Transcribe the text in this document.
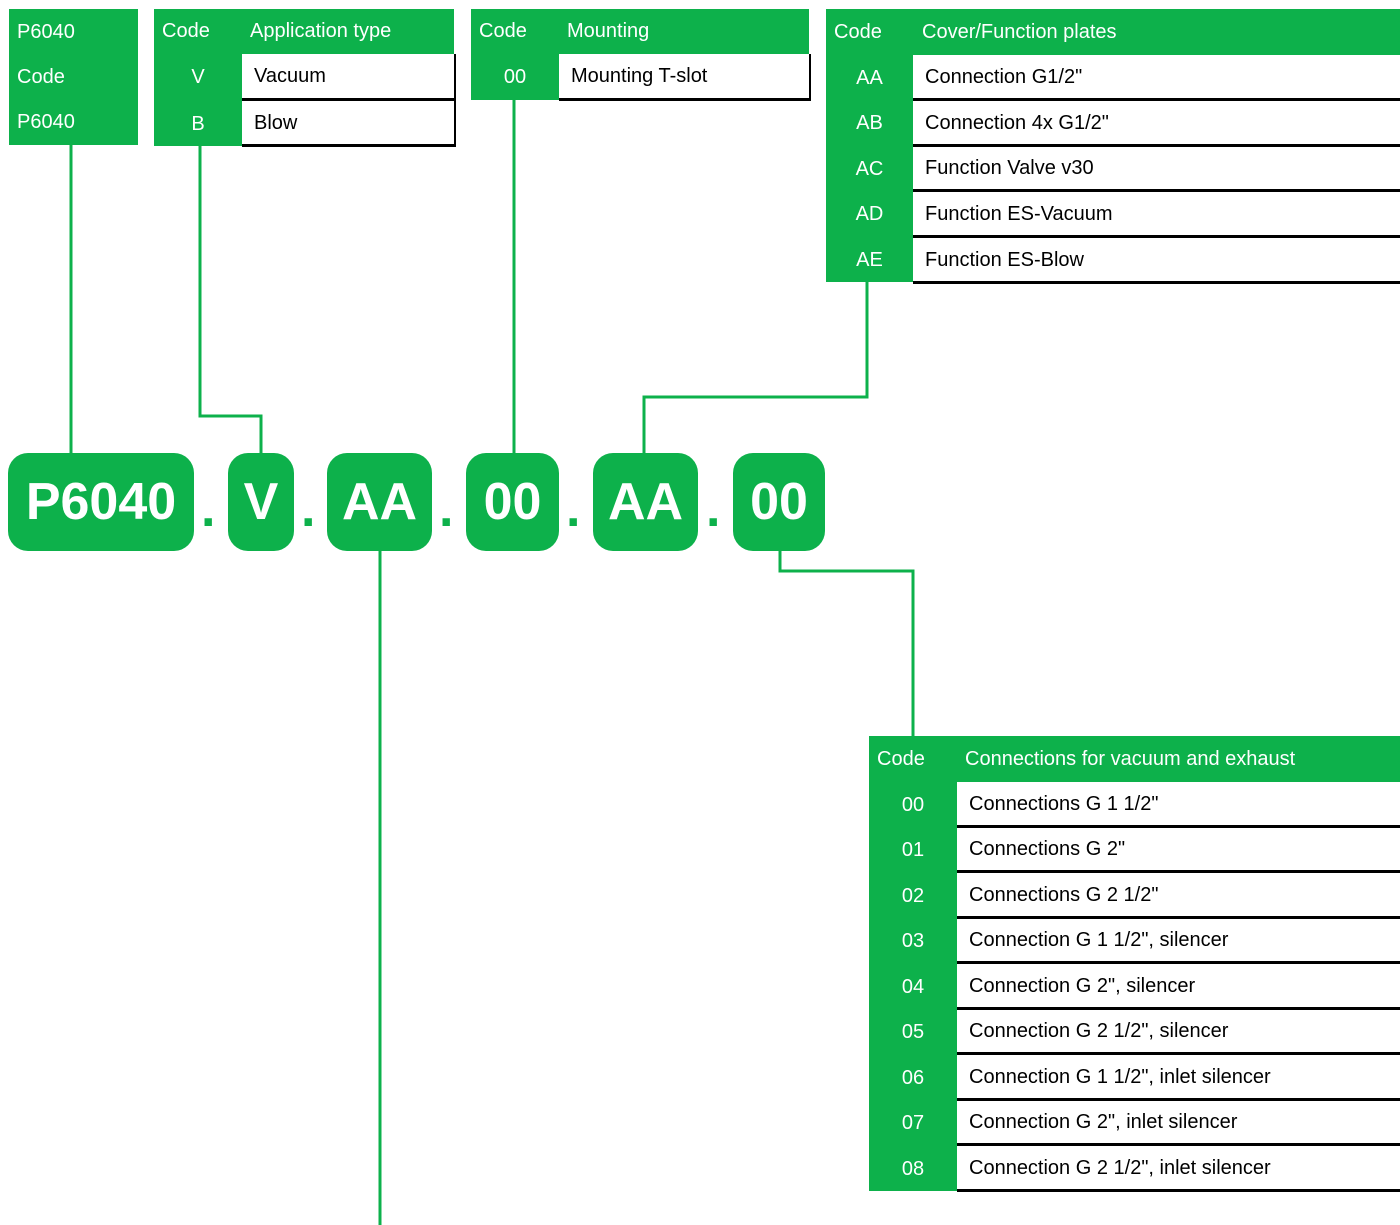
P6040
Code
P6040
Code Application type
V	Vacuum
B	Blow
Code Mounting
00	Mounting T-slot
Code Cover/Function plates
AA	Connection G1/2"
AB	Connection 4x G1/2"
AC	Function Valve v30
AD	Function ES-Vacuum
AE	Function ES-Blow
P6040 . V . AA . 00 . AA . 00
Code Connections for vacuum and exhaust
00	Connections G 1 1/2"
01	Connections G 2"
02	Connections G 2 1/2"
03	Connection G 1 1/2", silencer
04	Connection G 2", silencer
05	Connection G 2 1/2", silencer
06	Connection G 1 1/2", inlet silencer
07	Connection G 2", inlet silencer
08	Connection G 2 1/2", inlet silencer
